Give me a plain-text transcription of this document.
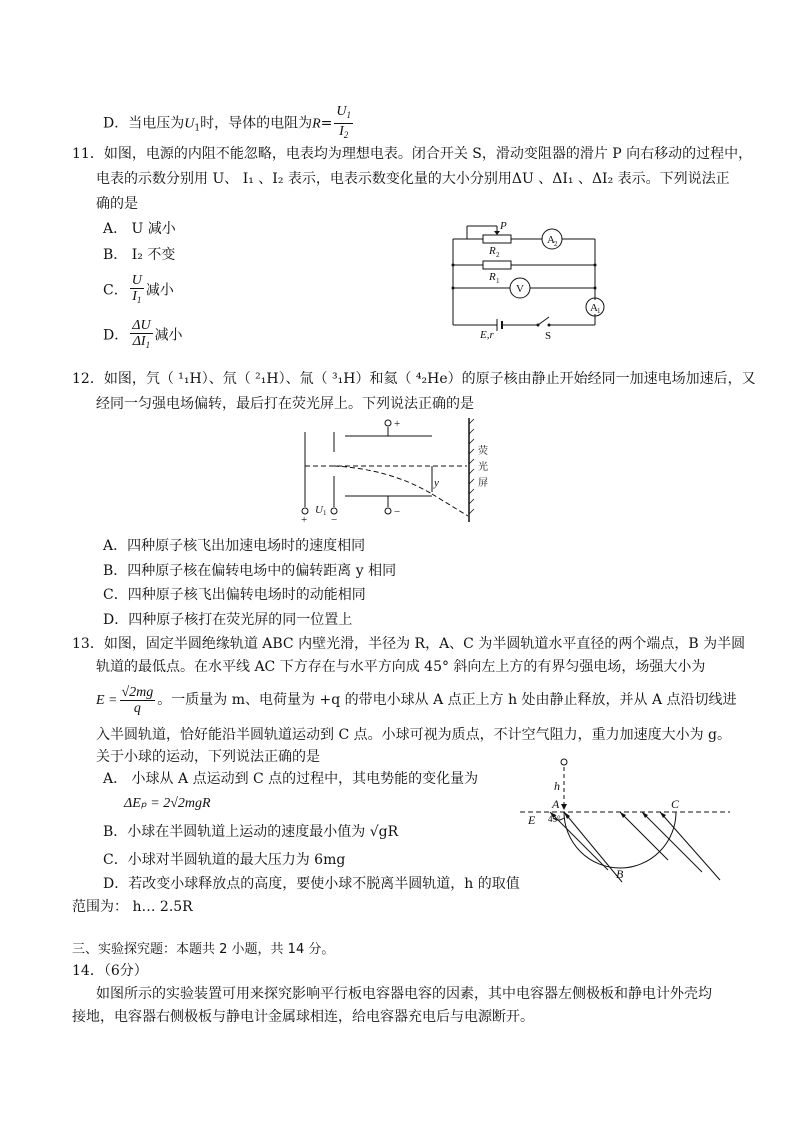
D．当电压为$U_1$时，导体的电阻为$R= \frac{U_1}{I_2}$
11．如图，电源的内阻不能忽略，电表均为理想电表。闭合开关 S，滑动变阻器的滑片 P 向右移动的过程中，
电表的示数分别用 U、 I₁ 、I₂ 表示，电表示数变化量的大小分别用ΔU 、ΔI₁ 、ΔI₂ 表示。下列说法正
确的是
A． U 减小
B． I₂ 不变
C． $\frac{U}{I_1}$ 减小
D． $\frac{\Delta U}{\Delta I_1}$ 减小
P
R 2
A 2
R 1
V
A 1
E,r	S
12．如图，氕（ ¹₁H）、氘（ ²₁H）、氚（ ³₁H）和氦（ ⁴₂He）的原子核由静止开始经同一加速电场加速后，又
经同一匀强电场偏转，最后打在荧光屏上。下列说法正确的是
+
−
y
荧
光
屏
U 1
+ −
A．四种原子核飞出加速电场时的速度相同
B．四种原子核在偏转电场中的偏转距离 y 相同
C．四种原子核飞出偏转电场时的动能相同
D．四种原子核打在荧光屏的同一位置上
13．如图，固定半圆绝缘轨道 ABC 内壁光滑，半径为 R，A、C 为半圆轨道水平直径的两个端点，B 为半圆
轨道的最低点。在水平线 AC 下方存在与水平方向成 45° 斜向左上方的有界匀强电场，场强大小为
$E = \frac{√2mg}{q}$ 。一质量为 m、电荷量为 +q 的带电小球从 A 点正上方 h 处由静止释放，并从 A 点沿切线进
入半圆轨道，恰好能沿半圆轨道运动到 C 点。小球可视为质点，不计空气阻力，重力加速度大小为 g。
关于小球的运动，下列说法正确的是
A． 小球从 A 点运动到 C 点的过程中，其电势能的变化量为
ΔEₚ = 2√2mgR
B．小球在半圆轨道上运动的速度最小值为 √gR
C．小球对半圆轨道的最大压力为 6mg
D．若改变小球释放点的高度，要使小球不脱离半圆轨道，h 的取值
范围为： h… 2.5R
h
A	C
E
B
45°
三、实验探究题：本题共 2 小题，共 14 分。
14．（6分）
如图所示的实验装置可用来探究影响平行板电容器电容的因素，其中电容器左侧极板和静电计外壳均
接地，电容器右侧极板与静电计金属球相连，给电容器充电后与电源断开。
